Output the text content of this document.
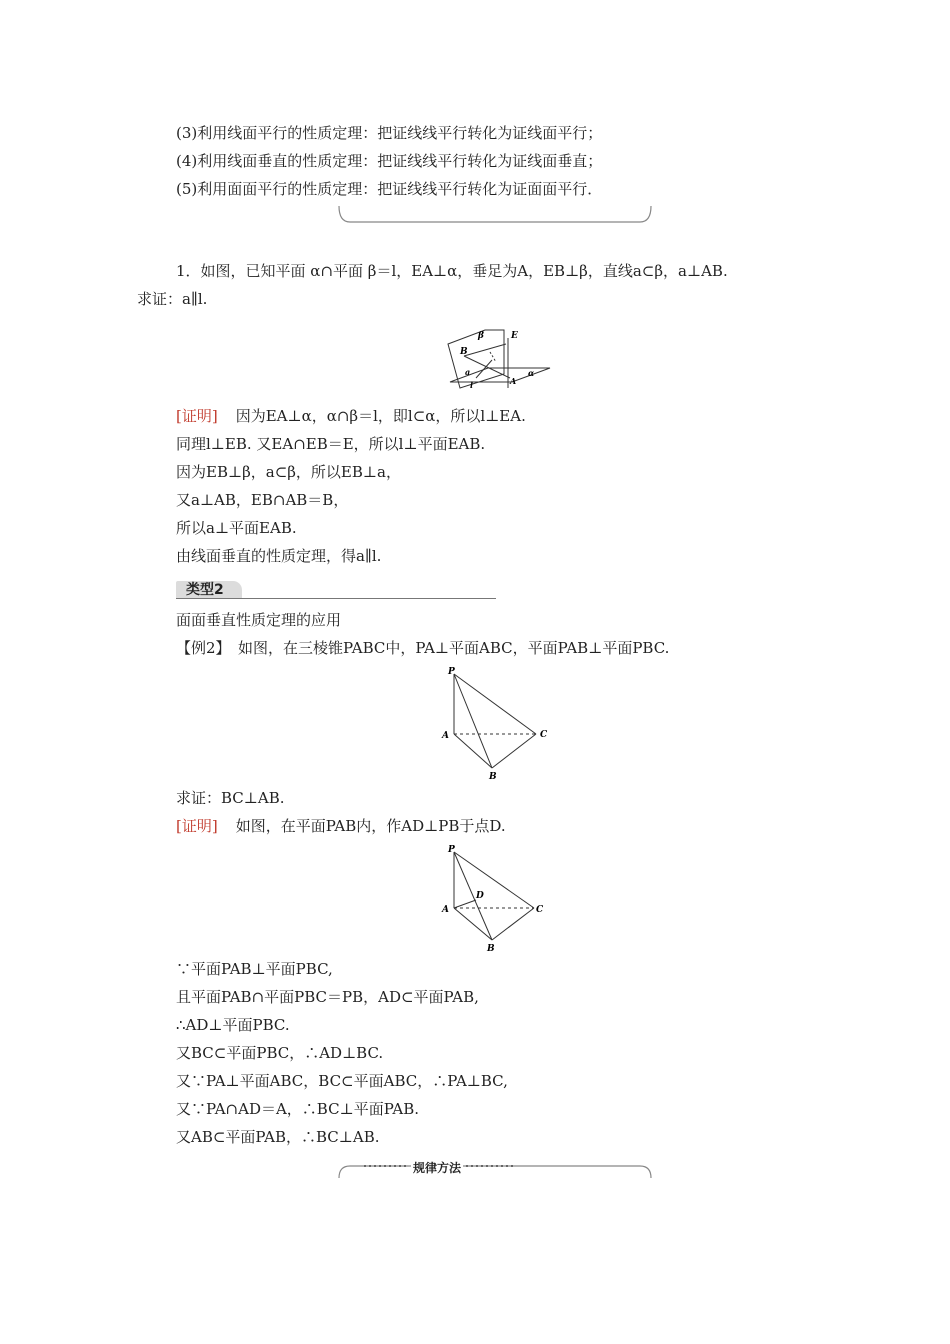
(3)利用线面平行的性质定理：把证线线平行转化为证线面平行；
(4)利用线面垂直的性质定理：把证线线平行转化为证线面垂直；
(5)利用面面平行的性质定理：把证线线平行转化为证面面平行．
1．如图，已知平面 α∩平面 β＝l，EA⊥α，垂足为A，EB⊥β，直线a⊂β，a⊥AB.
求证：a∥l.
β	E
B
a
l	A
α
[证明] 因为EA⊥α，α∩β＝l，即l⊂α，所以l⊥EA.
同理l⊥EB. 又EA∩EB＝E，所以l⊥平面EAB.
因为EB⊥β，a⊂β，所以EB⊥a，
又a⊥AB，EB∩AB＝B，
所以a⊥平面EAB.
由线面垂直的性质定理，得a∥l.
类型2
面面垂直性质定理的应用
【例2】　如图，在三棱锥PABC中，PA⊥平面ABC，平面PAB⊥平面PBC.
P
A
B
C
求证：BC⊥AB.
[证明] 如图，在平面PAB内，作AD⊥PB于点D.
P
A
B
C
D
∵平面PAB⊥平面PBC,
且平面PAB∩平面PBC＝PB，AD⊂平面PAB,
∴AD⊥平面PBC.
又BC⊂平面PBC，∴AD⊥BC.
又∵PA⊥平面ABC，BC⊂平面ABC，∴PA⊥BC,
又∵PA∩AD＝A，∴BC⊥平面PAB.
又AB⊂平面PAB，∴BC⊥AB.
规律方法
